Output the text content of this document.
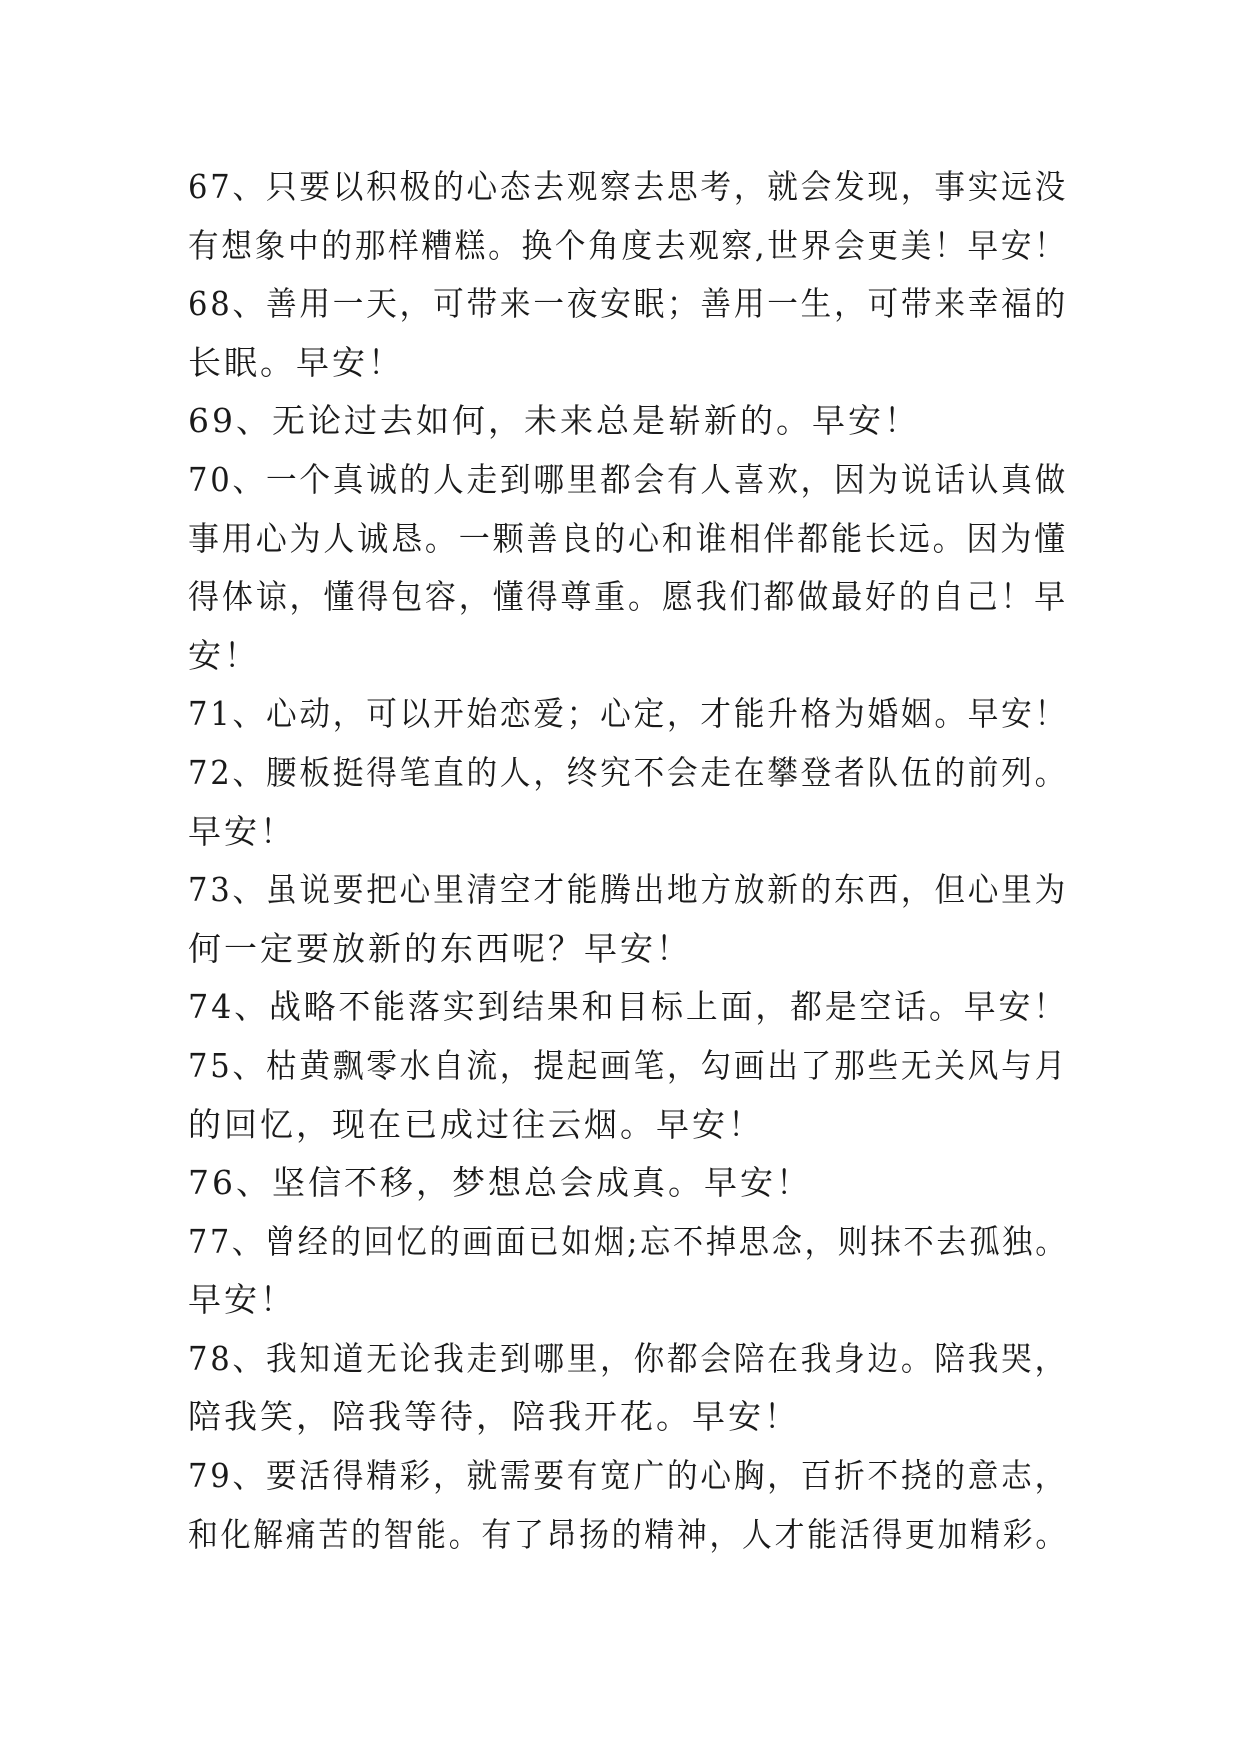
67、只要以积极的心态去观察去思考，就会发现，事实远没
有想象中的那样糟糕。换个角度去观察,世界会更美！早安！
68、善用一天，可带来一夜安眠；善用一生，可带来幸福的
长眠。早安！
69、无论过去如何，未来总是崭新的。早安！
70、一个真诚的人走到哪里都会有人喜欢，因为说话认真做
事用心为人诚恳。一颗善良的心和谁相伴都能长远。因为懂
得体谅，懂得包容，懂得尊重。愿我们都做最好的自己！早
安！
71、心动，可以开始恋爱；心定，才能升格为婚姻。早安！
72、腰板挺得笔直的人，终究不会走在攀登者队伍的前列。
早安！
73、虽说要把心里清空才能腾出地方放新的东西，但心里为
何一定要放新的东西呢？早安！
74、战略不能落实到结果和目标上面，都是空话。早安！
75、枯黄飘零水自流，提起画笔，勾画出了那些无关风与月
的回忆，现在已成过往云烟。早安！
76、坚信不移，梦想总会成真。早安！
77、曾经的回忆的画面已如烟;忘不掉思念，则抹不去孤独。
早安！
78、我知道无论我走到哪里，你都会陪在我身边。陪我哭，
陪我笑，陪我等待，陪我开花。早安！
79、要活得精彩，就需要有宽广的心胸，百折不挠的意志，
和化解痛苦的智能。有了昂扬的精神，人才能活得更加精彩。
